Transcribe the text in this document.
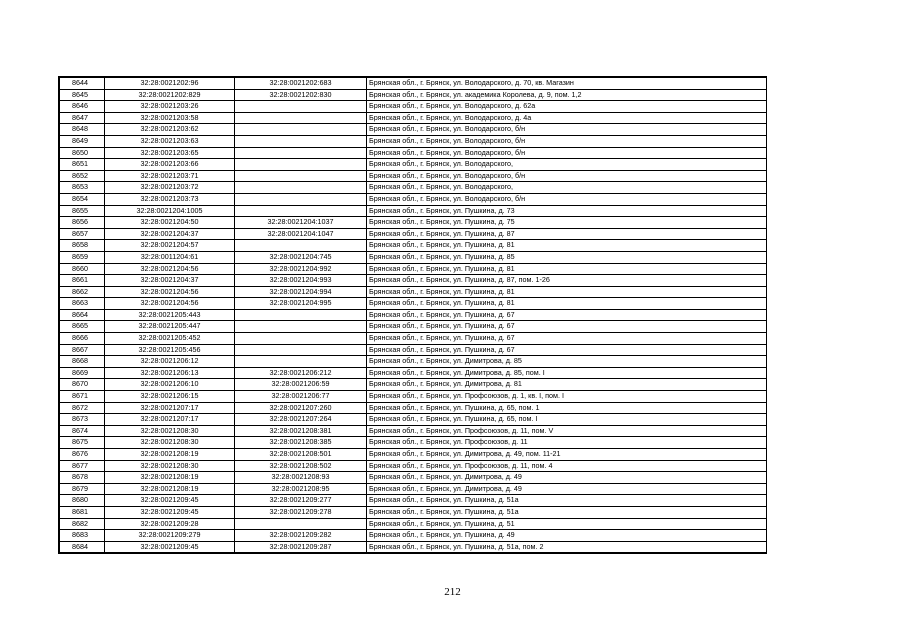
8644	32:28:0021202:96	32:28:0021202:683	Брянская обл., г. Брянск, ул. Володарского, д. 70, кв. Магазин
8645	32:28:0021202:829	32:28:0021202:830	Брянская обл., г. Брянск, ул. академика Королева, д. 9, пом. 1,2
8646	32:28:0021203:26		Брянская обл., г. Брянск, ул. Володарского, д. 62а
8647	32:28:0021203:58		Брянская обл., г. Брянск, ул. Володарского, д. 4а
8648	32:28:0021203:62		Брянская обл., г. Брянск, ул. Володарского, б/н
8649	32:28:0021203:63		Брянская обл., г. Брянск, ул. Володарского, б/н
8650	32:28:0021203:65		Брянская обл., г. Брянск, ул. Володарского, б/н
8651	32:28:0021203:66		Брянская обл., г. Брянск, ул. Володарского,
8652	32:28:0021203:71		Брянская обл., г. Брянск, ул. Володарского, б/н
8653	32:28:0021203:72		Брянская обл., г. Брянск, ул. Володарского,
8654	32:28:0021203:73		Брянская обл., г. Брянск, ул. Володарского, б/н
8655	32:28:0021204:1005		Брянская обл., г. Брянск, ул. Пушкина, д. 73
8656	32:28:0021204:50	32:28:0021204:1037	Брянская обл., г. Брянск, ул. Пушкина, д. 75
8657	32:28:0021204:37	32:28:0021204:1047	Брянская обл., г. Брянск, ул. Пушкина, д. 87
8658	32:28:0021204:57		Брянская обл., г. Брянск, ул. Пушкина, д. 81
8659	32:28:0011204:61	32:28:0021204:745	Брянская обл., г. Брянск, ул. Пушкина, д. 85
8660	32:28:0021204:56	32:28:0021204:992	Брянская обл., г. Брянск, ул. Пушкина, д. 81
8661	32:28:0021204:37	32:28:0021204:993	Брянская обл., г. Брянск, ул. Пушкина, д. 87, пом. 1-26
8662	32:28:0021204:56	32:28:0021204:994	Брянская обл., г. Брянск, ул. Пушкина, д. 81
8663	32:28:0021204:56	32:28:0021204:995	Брянская обл., г. Брянск, ул. Пушкина, д. 81
8664	32:28:0021205:443		Брянская обл., г. Брянск, ул. Пушкина, д. 67
8665	32:28:0021205:447		Брянская обл., г. Брянск, ул. Пушкина, д. 67
8666	32:28:0021205:452		Брянская обл., г. Брянск, ул. Пушкина, д. 67
8667	32:28:0021205:456		Брянская обл., г. Брянск, ул. Пушкина, д. 67
8668	32:28:0021206:12		Брянская обл., г. Брянск, ул. Димитрова, д. 85
8669	32:28:0021206:13	32:28:0021206:212	Брянская обл., г. Брянск, ул. Димитрова, д. 85, пом. I
8670	32:28:0021206:10	32:28:0021206:59	Брянская обл., г. Брянск, ул. Димитрова, д. 81
8671	32:28:0021206:15	32:28:0021206:77	Брянская обл., г. Брянск, ул. Профсоюзов, д. 1, кв. I, пом. I
8672	32:28:0021207:17	32:28:0021207:260	Брянская обл., г. Брянск, ул. Пушкина, д. 65, пом. 1
8673	32:28:0021207:17	32:28:0021207:264	Брянская обл., г. Брянск, ул. Пушкина, д. 65, пом. I
8674	32:28:0021208:30	32:28:0021208:381	Брянская обл., г. Брянск, ул. Профсоюзов, д. 11, пом. V
8675	32:28:0021208:30	32:28:0021208:385	Брянская обл., г. Брянск, ул. Профсоюзов, д. 11
8676	32:28:0021208:19	32:28:0021208:501	Брянская обл., г. Брянск, ул. Димитрова, д. 49, пом. 11-21
8677	32:28:0021208:30	32:28:0021208:502	Брянская обл., г. Брянск, ул. Профсоюзов, д. 11, пом. 4
8678	32:28:0021208:19	32:28:0021208:93	Брянская обл., г. Брянск, ул. Димитрова, д. 49
8679	32:28:0021208:19	32:28:0021208:95	Брянская обл., г. Брянск, ул. Димитрова, д. 49
8680	32:28:0021209:45	32:28:0021209:277	Брянская обл., г. Брянск, ул. Пушкина, д. 51а
8681	32:28:0021209:45	32:28:0021209:278	Брянская обл., г. Брянск, ул. Пушкина, д. 51а
8682	32:28:0021209:28		Брянская обл., г. Брянск, ул. Пушкина, д. 51
8683	32:28:0021209:279	32:28:0021209:282	Брянская обл., г. Брянск, ул. Пушкина, д. 49
8684	32:28:0021209:45	32:28:0021209:287	Брянская обл., г. Брянск, ул. Пушкина, д. 51а, пом. 2
212
